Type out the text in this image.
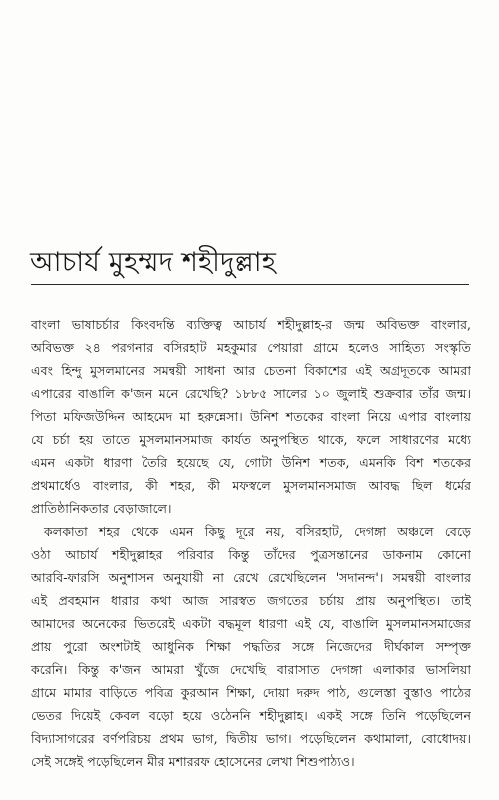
আচার্য মুহম্মদ শহীদুল্লাহ
বাংলা ভাষাচর্চার কিংবদন্তি ব্যক্তিত্ব আচার্য শহীদুল্লাহ-র জন্ম অবিভক্ত বাংলার,
অবিভক্ত ২৪ পরগনার বসিরহাট মহকুমার পেয়ারা গ্রামে হলেও সাহিত্য সংস্কৃতি
এবং হিন্দু মুসলমানের সমন্বয়ী সাধনা আর চেতনা বিকাশের এই অগ্রদূতকে আমরা
এপারের বাঙালি ক'জন মনে রেখেছি? ১৮৮৫ সালের ১০ জুলাই শুক্রবার তাঁর জন্ম।
পিতা মফিজউদ্দিন আহমেদ মা হরুন্নেসা। উনিশ শতকের বাংলা নিয়ে এপার বাংলায়
যে চর্চা হয় তাতে মুসলমানসমাজ কার্যত অনুপস্থিত থাকে, ফলে সাধারণের মধ্যে
এমন একটা ধারণা তৈরি হয়েছে যে, গোটা উনিশ শতক, এমনকি বিশ শতকের
প্রথমার্ধেও বাংলার, কী শহর, কী মফস্বলে মুসলমানসমাজ আবদ্ধ ছিল ধর্মের
প্রাতিষ্ঠানিকতার বেড়াজালে।
কলকাতা শহর থেকে এমন কিছু দূরে নয়, বসিরহাট, দেগঙ্গা অঞ্চলে বেড়ে
ওঠা আচার্য শহীদুল্লাহর পরিবার কিন্তু তাঁদের পুত্রসন্তানের ডাকনাম কোনো
আরবি-ফারসি অনুশাসন অনুযায়ী না রেখে রেখেছিলেন 'সদানন্দ'। সমন্বয়ী বাংলার
এই প্রবহমান ধারার কথা আজ সারস্বত জগতের চর্চায় প্রায় অনুপস্থিত। তাই
আমাদের অনেকের ভিতরেই একটা বদ্ধমূল ধারণা এই যে, বাঙালি মুসলমানসমাজের
প্রায় পুরো অংশটাই আধুনিক শিক্ষা পদ্ধতির সঙ্গে নিজেদের দীর্ঘকাল সম্পৃক্ত
করেনি। কিন্তু ক'জন আমরা খুঁজে দেখেছি বারাসাত দেগঙ্গা এলাকার ভাসলিয়া
গ্রামে মামার বাড়িতে পবিত্র কুরআন শিক্ষা, দোয়া দরুদ পাঠ, গুলেস্তা বুস্তাও পাঠের
ভেতর দিয়েই কেবল বড়ো হয়ে ওঠেননি শহীদুল্লাহ। একই সঙ্গে তিনি পড়েছিলেন
বিদ্যাসাগরের বর্ণপরিচয় প্রথম ভাগ, দ্বিতীয় ভাগ। পড়েছিলেন কথামালা, বোধোদয়।
সেই সঙ্গেই পড়েছিলেন মীর মশাররফ হোসেনের লেখা শিশুপাঠ্যও।
